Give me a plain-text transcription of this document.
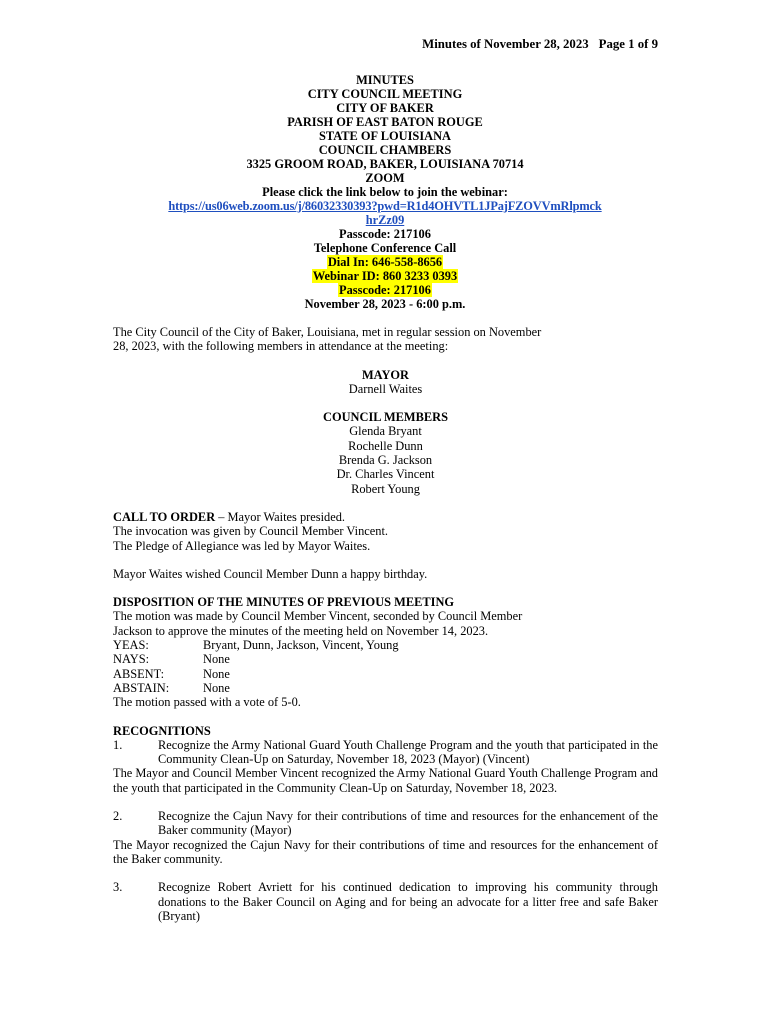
Minutes of November 28, 2023 Page 1 of 9
MINUTES
CITY COUNCIL MEETING
CITY OF BAKER
PARISH OF EAST BATON ROUGE
STATE OF LOUISIANA
COUNCIL CHAMBERS
3325 GROOM ROAD, BAKER, LOUISIANA 70714
ZOOM
Please click the link below to join the webinar:
https://us06web.zoom.us/j/86032330393?pwd=R1d4OHVTL1JPajFZOVVmRlpmck
hrZz09
Passcode: 217106
Telephone Conference Call
Dial In: 646-558-8656
Webinar ID: 860 3233 0393
Passcode: 217106
November 28, 2023 - 6:00 p.m.

The City Council of the City of Baker, Louisiana, met in regular session on November

28, 2023, with the following members in attendance at the meeting:

MAYOR

Darnell Waites

COUNCIL MEMBERS

Glenda Bryant

Rochelle Dunn

Brenda G. Jackson

Dr. Charles Vincent

Robert Young

CALL TO ORDER – Mayor Waites presided.

The invocation was given by Council Member Vincent.

The Pledge of Allegiance was led by Mayor Waites.

Mayor Waites wished Council Member Dunn a happy birthday.

DISPOSITION OF THE MINUTES OF PREVIOUS MEETING

The motion was made by Council Member Vincent, seconded by Council Member

Jackson to approve the minutes of the meeting held on November 14, 2023.

YEAS:	Bryant, Dunn, Jackson, Vincent, Young
NAYS:	None
ABSENT:	None
ABSTAIN:	None

The motion passed with a vote of 5-0.

RECOGNITIONS

1.	Recognize the Army National Guard Youth Challenge Program and the youth that participated in the Community Clean-Up on Saturday, November 18, 2023 (Mayor) (Vincent)

The Mayor and Council Member Vincent recognized the Army National Guard Youth Challenge Program and the youth that participated in the Community Clean-Up on Saturday, November 18, 2023.

2.	Recognize the Cajun Navy for their contributions of time and resources for the enhancement of the Baker community (Mayor)

The Mayor recognized the Cajun Navy for their contributions of time and resources for the enhancement of the Baker community.

3.	Recognize Robert Avriett for his continued dedication to improving his community through donations to the Baker Council on Aging and for being an advocate for a litter free and safe Baker (Bryant)
